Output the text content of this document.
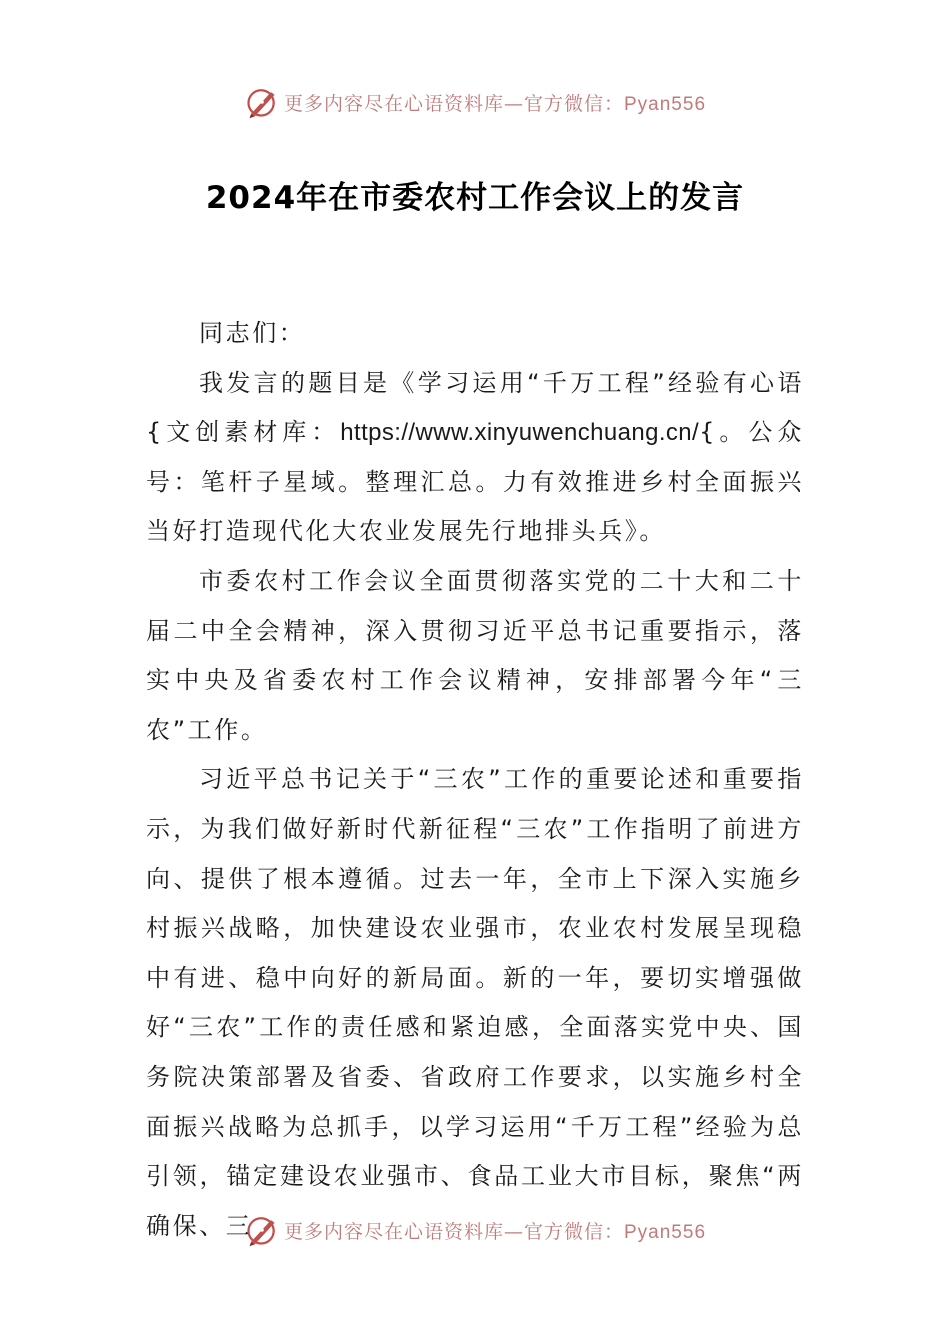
更多内容尽在心语资料库—官方微信：Pyan556
2024年在市委农村工作会议上的发言

同志们：

我发言的题目是《学习运用“千万工程”经验有心语{文创素材库：https://www.xinyuwenchuang.cn/{。公众号：笔杆子星域。整理汇总。力有效推进乡村全面振兴当好打造现代化大农业发展先行地排头兵》。

市委农村工作会议全面贯彻落实党的二十大和二十届二中全会精神，深入贯彻习近平总书记重要指示，落实中央及省委农村工作会议精神，安排部署今年“三农”工作。

习近平总书记关于“三农”工作的重要论述和重要指示，为我们做好新时代新征程“三农”工作指明了前进方向、提供了根本遵循。过去一年，全市上下深入实施乡村振兴战略，加快建设农业强市，农业农村发展呈现稳中有进、稳中向好的新局面。新的一年，要切实增强做好“三农”工作的责任感和紧迫感，全面落实党中央、国务院决策部署及省委、省政府工作要求，以实施乡村全面振兴战略为总抓手，以学习运用“千万工程”经验为总引领，锚定建设农业强市、食品工业大市目标，聚焦“两确保、三	更多内容尽在心语资料库—官方微信：Pyan556
